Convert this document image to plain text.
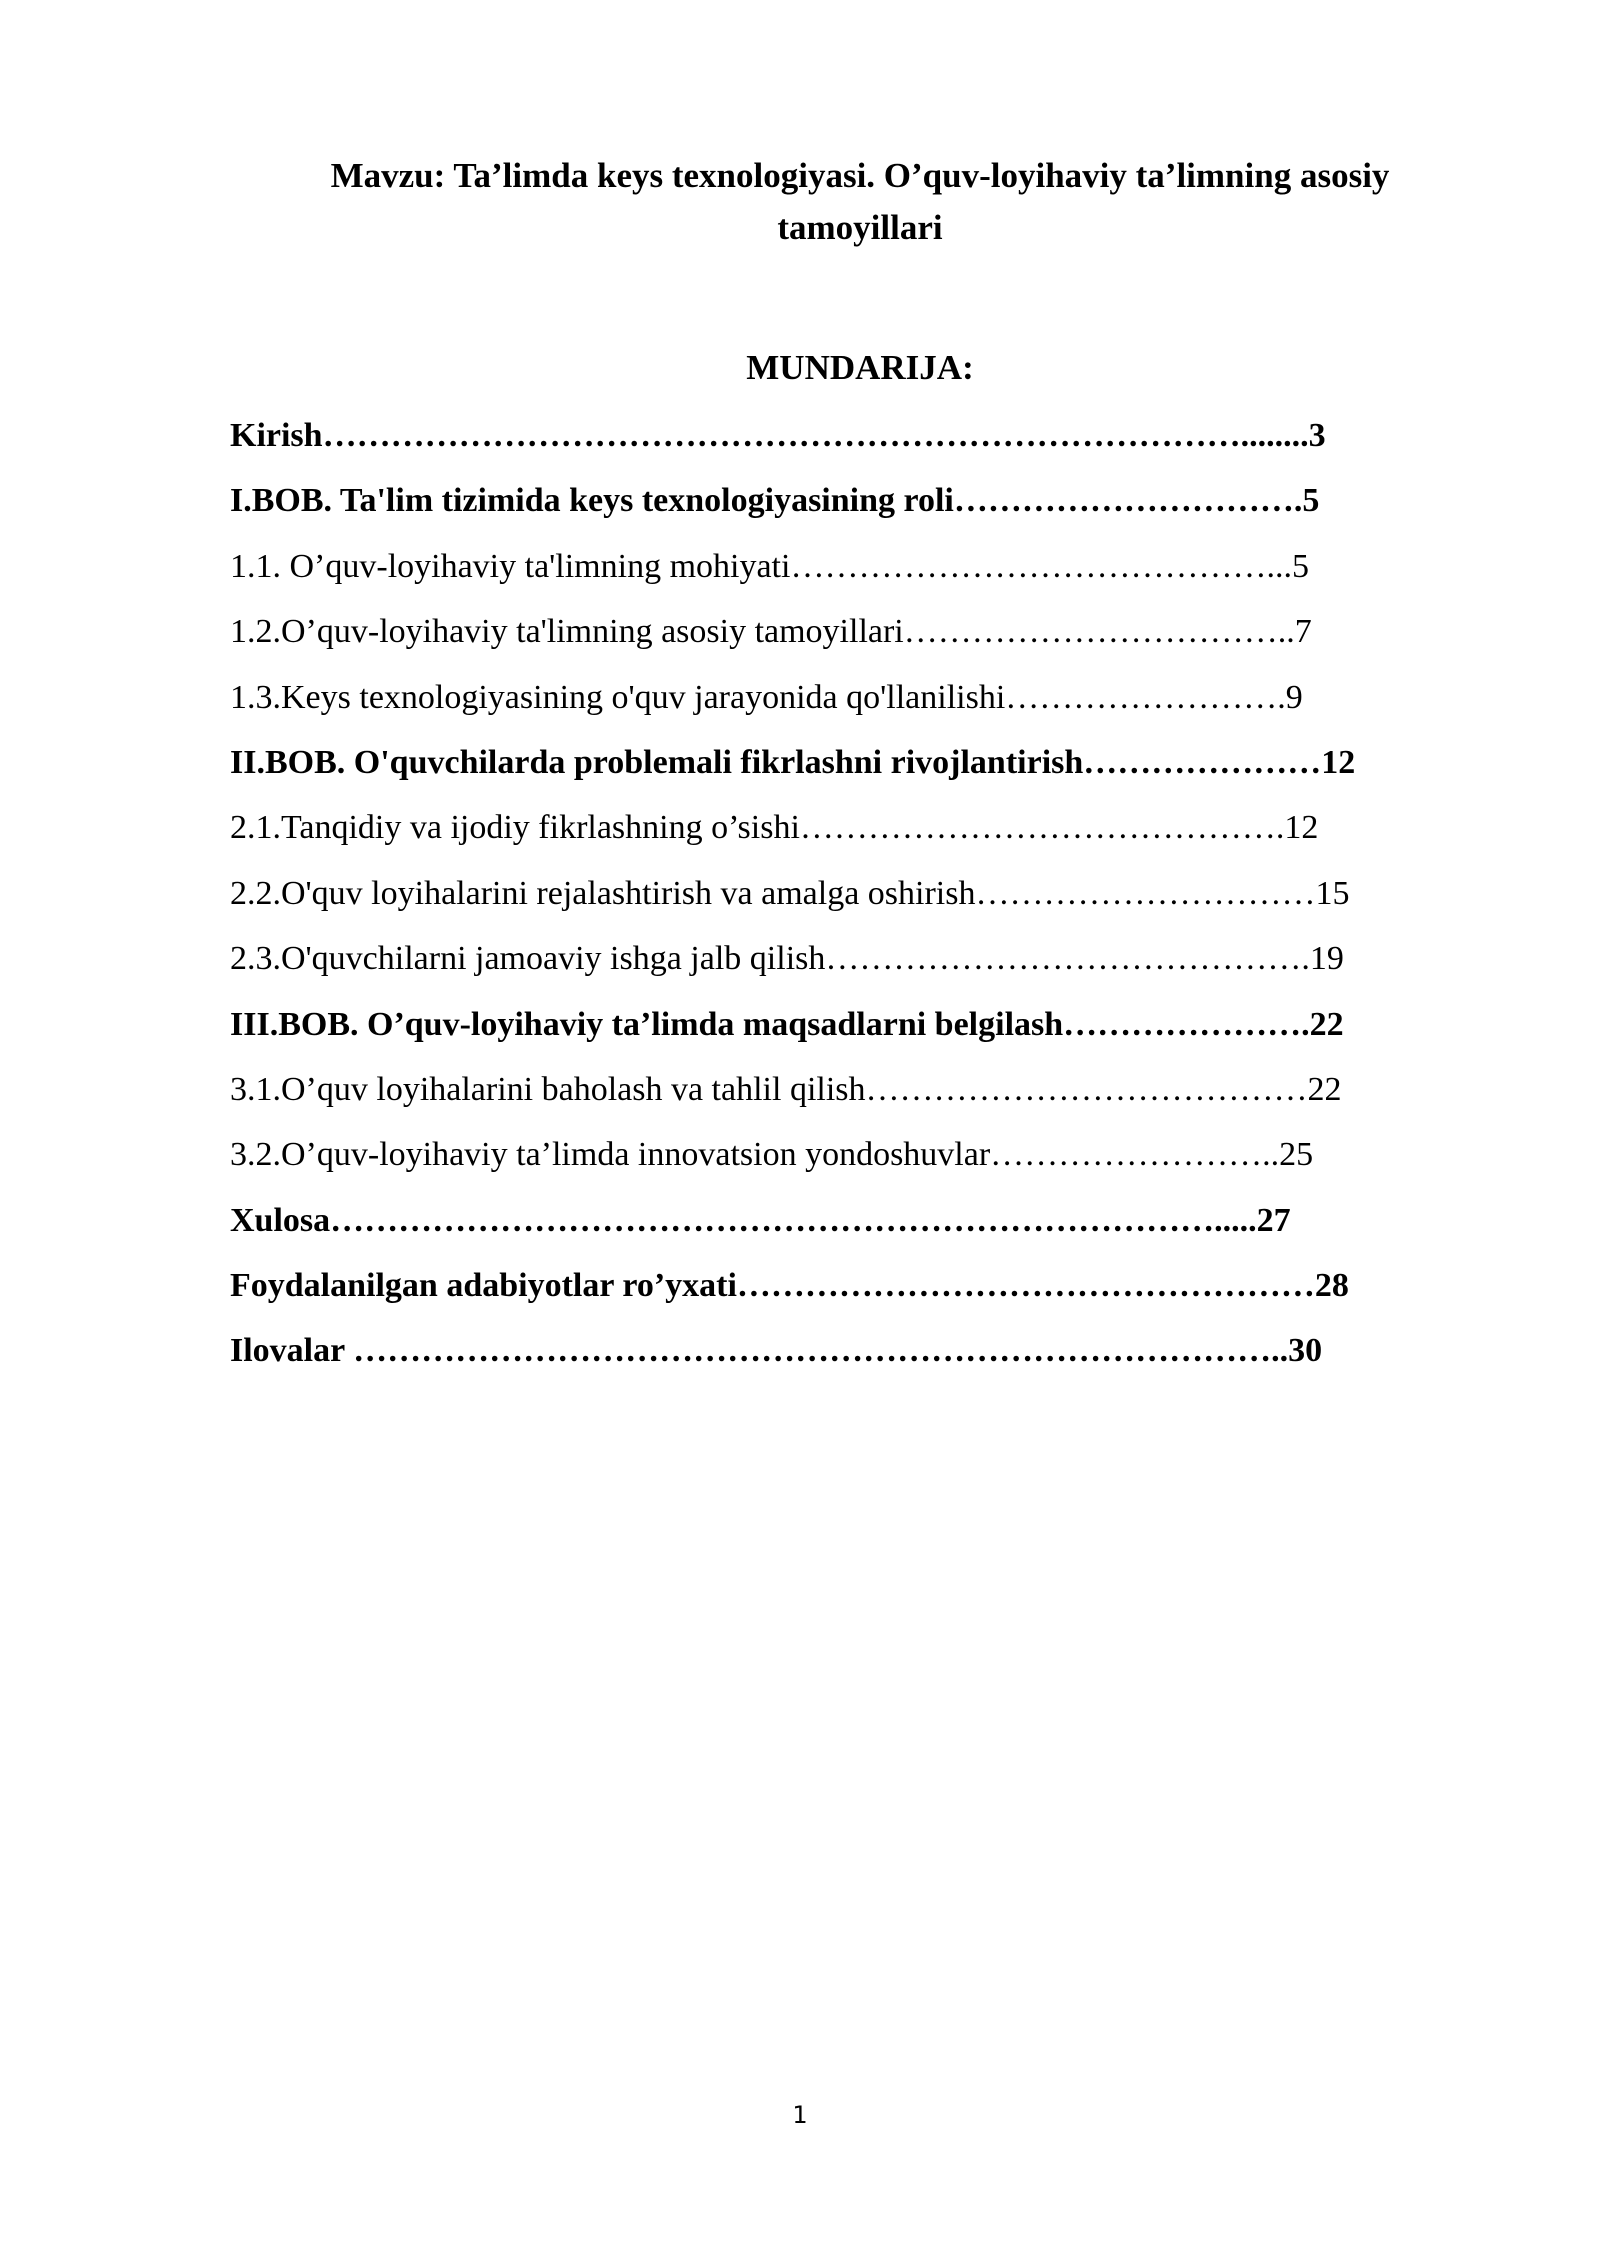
Mavzu: Ta’limda keys texnologiyasi. O’quv-loyihaviy ta’limning asosiy tamoyillari
MUNDARIJA:
Kirish………………………………………………………………………........3
I.BOB. Ta'lim tizimida keys texnologiyasining roli………………………….5
1.1. O’quv-loyihaviy ta'limning mohiyati……………………………………...5
1.2.O’quv-loyihaviy ta'limning asosiy tamoyillari……………………………..7
1.3.Keys texnologiyasining o'quv jarayonida qo'llanilishi…………………….9
II.BOB. O'quvchilarda problemali fikrlashni rivojlantirish…………………12
2.1.Tanqidiy va ijodiy fikrlashning o’sishi…………………………………….12
2.2.O'quv loyihalarini rejalashtirish va amalga oshirish…………………………15
2.3.O'quvchilarni jamoaviy ishga jalb qilish…………………………………….19
III.BOB. O’quv-loyihaviy ta’limda maqsadlarni belgilash………………….22
3.1.O’quv loyihalarini baholash va tahlil qilish…………………………………22
3.2.O’quv-loyihaviy ta’limda innovatsion yondoshuvlar……………………..25
Xulosa…………………………………………………………………….....27
Foydalanilgan adabiyotlar ro’yxati……………………………………………28
Ilovalar ………………………………………………………………………..30
1
